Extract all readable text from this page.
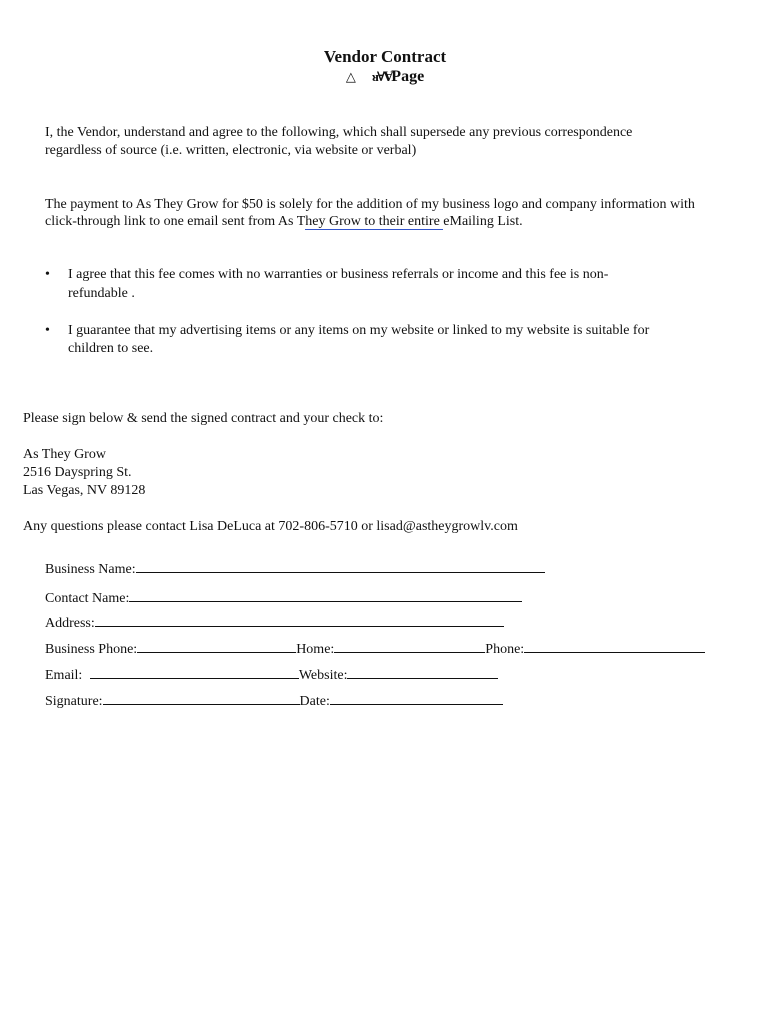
Vendor Contract
△ ᴚ∀ⱯPage
I, the Vendor, understand and agree to the following, which shall supersede any previous correspondence
regardless of source (i.e. written, electronic, via website or verbal)
The payment to As They Grow for $50 is solely for the addition of my business logo and company information with
click-through link to one email sent from As They Grow to their entire eMailing List.
•	I agree that this fee comes with no warranties or business referrals or income and this fee is non-
refundable .
•	I guarantee that my advertising items or any items on my website or linked to my website is suitable for
children to see.
Please sign below & send the signed contract and your check to:
As They Grow
2516 Dayspring St.
Las Vegas, NV 89128
Any questions please contact Lisa DeLuca at 702-806-5710 or lisad@astheygrowlv.com
Business Name:
Contact Name:
Address:
Business Phone:	Home:	Phone:
Email:	Website:
Signature:	Date:
